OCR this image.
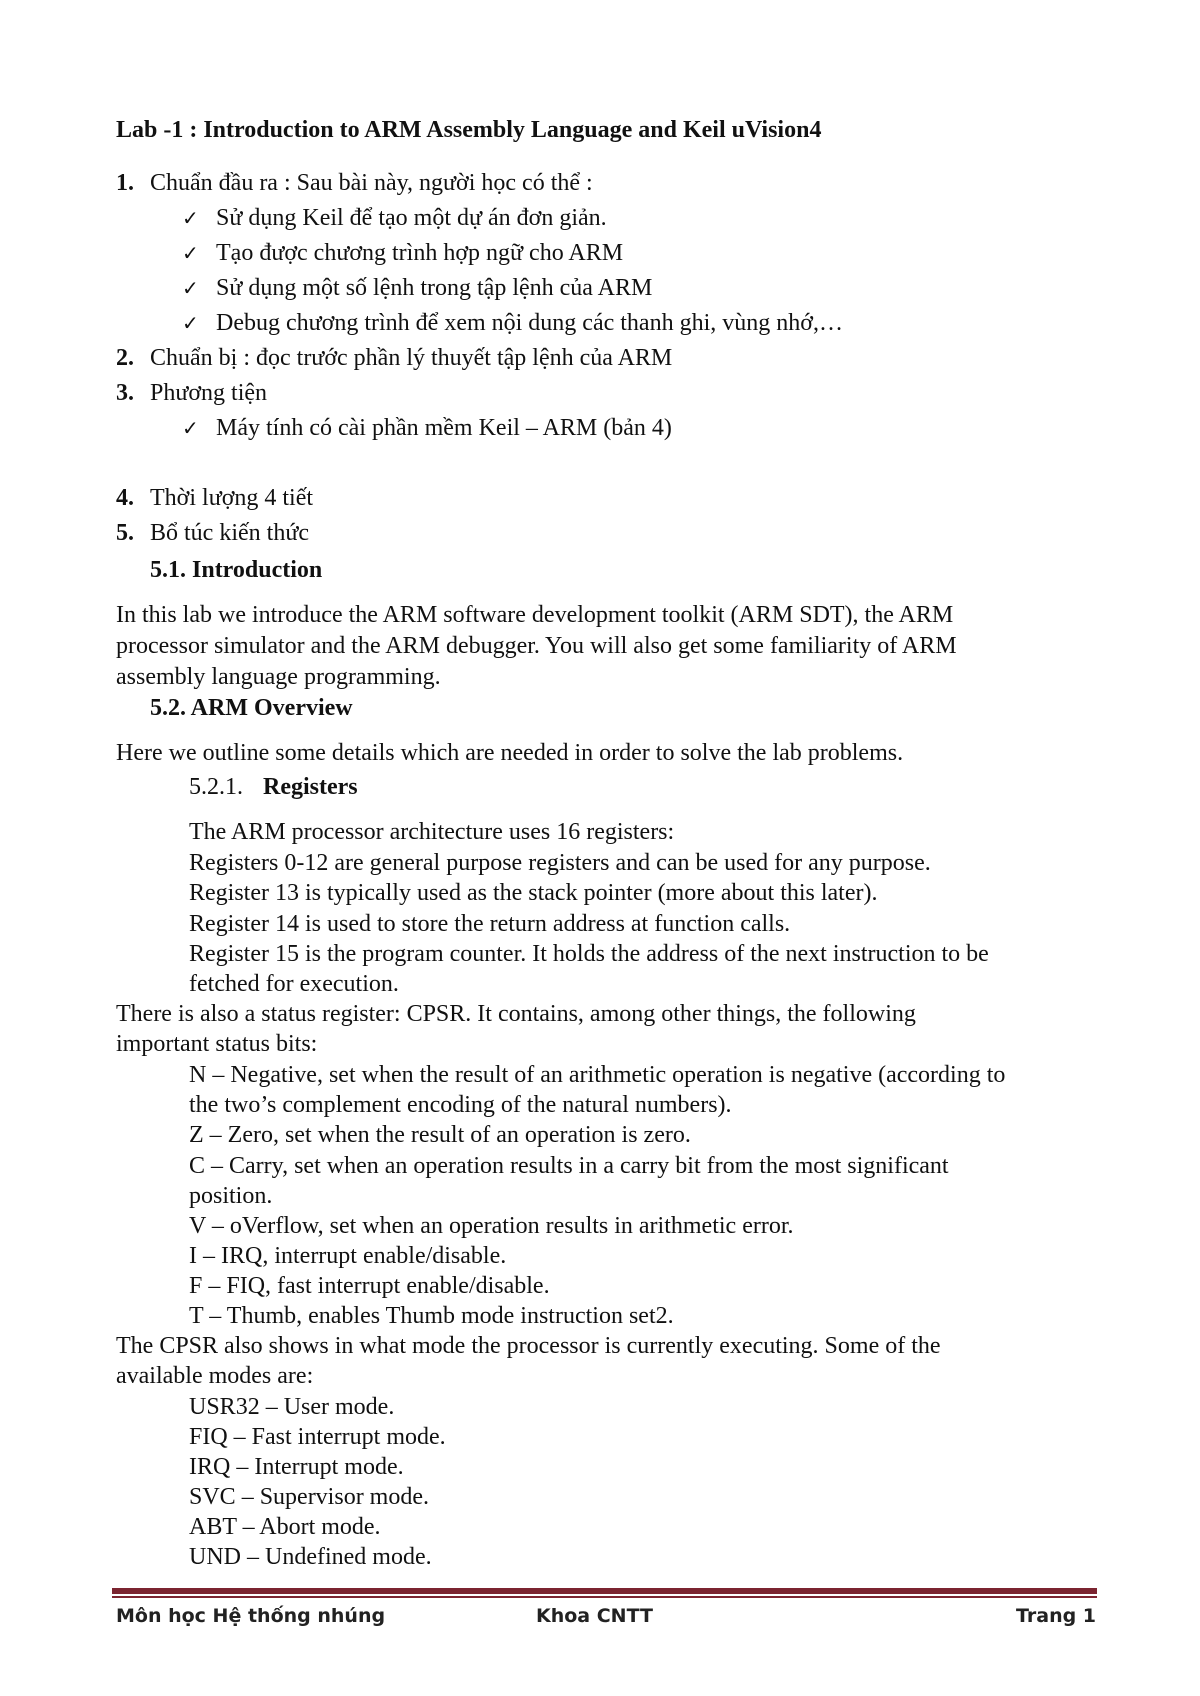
Lab -1 : Introduction to ARM Assembly Language and Keil uVision4
1. Chuẩn đầu ra : Sau bài này, người học có thể :
✓ Sử dụng Keil để tạo một dự án đơn giản.
✓ Tạo được chương trình hợp ngữ cho ARM
✓ Sử dụng một số lệnh trong tập lệnh của ARM
✓ Debug chương trình để xem nội dung các thanh ghi, vùng nhớ,…
2. Chuẩn bị : đọc trước phần lý thuyết tập lệnh của ARM
3. Phương tiện
✓ Máy tính có cài phần mềm Keil – ARM (bản 4)
4. Thời lượng 4 tiết
5. Bổ túc kiến thức
5.1. Introduction
In this lab we introduce the ARM software development toolkit (ARM SDT), the ARM
processor simulator and the ARM debugger. You will also get some familiarity of ARM
assembly language programming.
5.2. ARM Overview
Here we outline some details which are needed in order to solve the lab problems.
5.2.1. Registers
The ARM processor architecture uses 16 registers:
Registers 0-12 are general purpose registers and can be used for any purpose.
Register 13 is typically used as the stack pointer (more about this later).
Register 14 is used to store the return address at function calls.
Register 15 is the program counter. It holds the address of the next instruction to be
fetched for execution.
There is also a status register: CPSR. It contains, among other things, the following
important status bits:
N – Negative, set when the result of an arithmetic operation is negative (according to
the two’s complement encoding of the natural numbers).
Z – Zero, set when the result of an operation is zero.
C – Carry, set when an operation results in a carry bit from the most significant
position.
V – oVerflow, set when an operation results in arithmetic error.
I – IRQ, interrupt enable/disable.
F – FIQ, fast interrupt enable/disable.
T – Thumb, enables Thumb mode instruction set2.
The CPSR also shows in what mode the processor is currently executing. Some of the
available modes are:
USR32 – User mode.
FIQ – Fast interrupt mode.
IRQ – Interrupt mode.
SVC – Supervisor mode.
ABT – Abort mode.
UND – Undefined mode.
Môn học Hệ thống nhúng	Khoa CNTT	Trang 1
